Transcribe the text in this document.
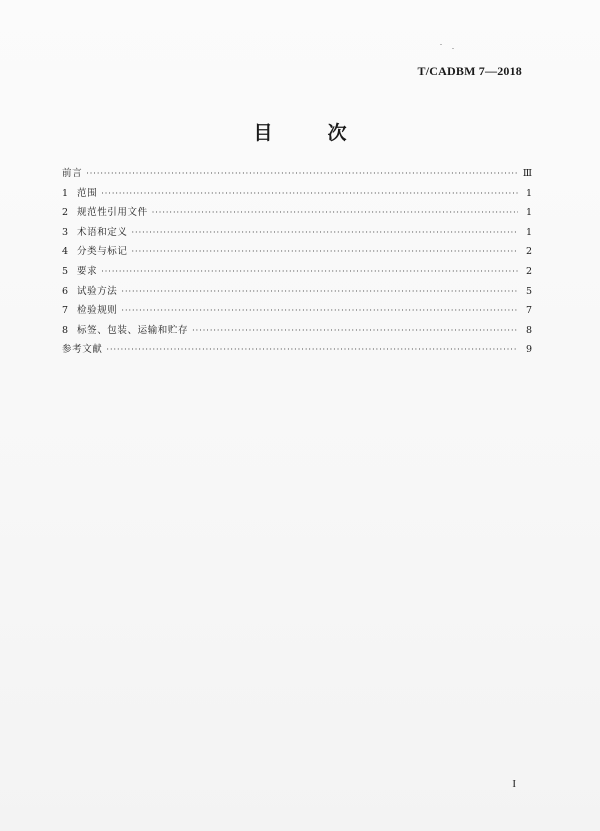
T/CADBM 7—2018
目　次
前言 ·····	Ⅲ
1 范围 ·····	1
2 规范性引用文件 ·····	1
3 术语和定义 ·····	1
4 分类与标记 ·····	2
5 要求 ·····	2
6 试验方法 ·····	5
7 检验规则 ·····	7
8 标签、包装、运输和贮存 ·····	8
参考文献 ·····	9
I
